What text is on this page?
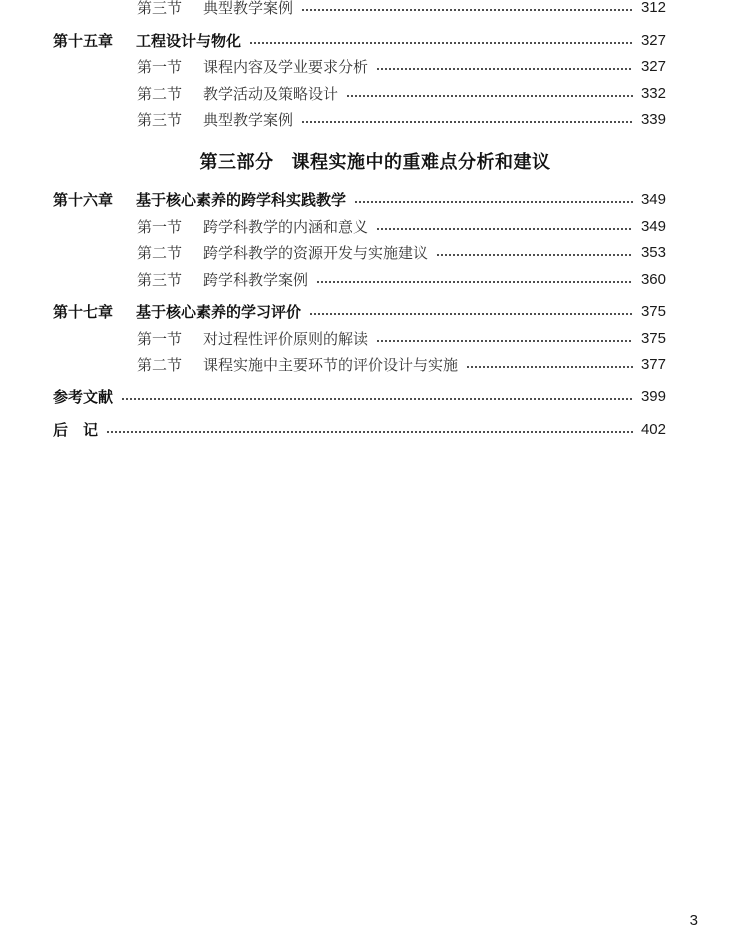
第三节	典型教学案例	312
第十五章	工程设计与物化	327
第一节	课程内容及学业要求分析	327
第二节	教学活动及策略设计	332
第三节	典型教学案例	339
第三部分 课程实施中的重难点分析和建议
第十六章	基于核心素养的跨学科实践教学	349
第一节	跨学科教学的内涵和意义	349
第二节	跨学科教学的资源开发与实施建议	353
第三节	跨学科教学案例	360
第十七章	基于核心素养的学习评价	375
第一节	对过程性评价原则的解读	375
第二节	课程实施中主要环节的评价设计与实施	377
参考文献	399
后　记	402
3
